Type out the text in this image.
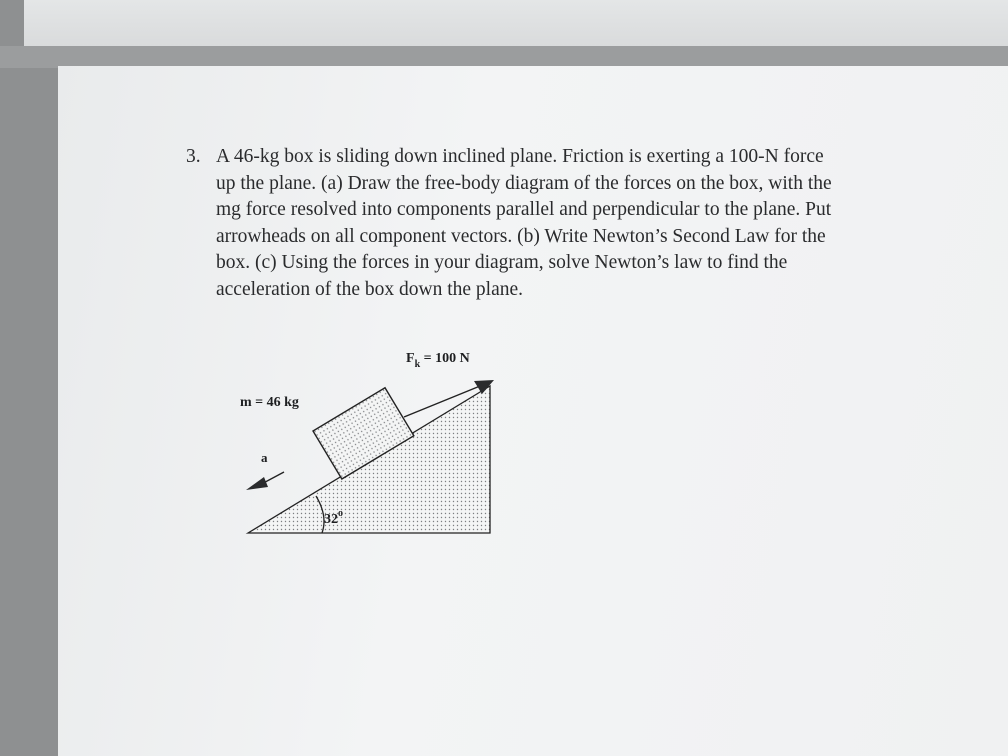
3. A 46-kg box is sliding down inclined plane. Friction is exerting a 100-N force
up the plane. (a) Draw the free-body diagram of the forces on the box, with the
mg force resolved into components parallel and perpendicular to the plane. Put
arrowheads on all component vectors. (b) Write Newton’s Second Law for the
box. (c) Using the forces in your diagram, solve Newton’s law to find the
acceleration of the box down the plane.
32$^o$
a
$F_k = 100$ N
m = 46 kg
